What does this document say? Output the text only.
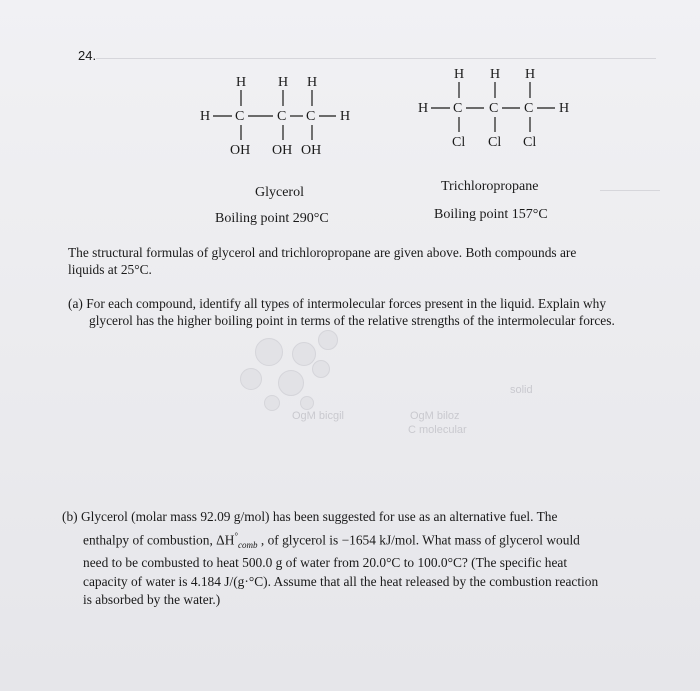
OgM bicgil	OgM biloz
solid
C molecular
24.
H H H
H C C C H
OH OH OH
H H H
H C C C H
Cl Cl Cl
Glycerol
Boiling point 290°C
Trichloropropane
Boiling point 157°C
The structural formulas of glycerol and trichloropropane are given above. Both compounds are
liquids at 25°C.
(a) For each compound, identify all types of intermolecular forces present in the liquid. Explain why
glycerol has the higher boiling point in terms of the relative strengths of the intermolecular forces.
(b) Glycerol (molar mass 92.09 g/mol) has been suggested for use as an alternative fuel. The
enthalpy of combustion, $\Delta H^\circ_{comb}$ , of glycerol is −1654 kJ/mol. What mass of glycerol would
need to be combusted to heat 500.0 g of water from 20.0°C to 100.0°C? (The specific heat
capacity of water is 4.184 J/(g·°C). Assume that all the heat released by the combustion reaction
is absorbed by the water.)
